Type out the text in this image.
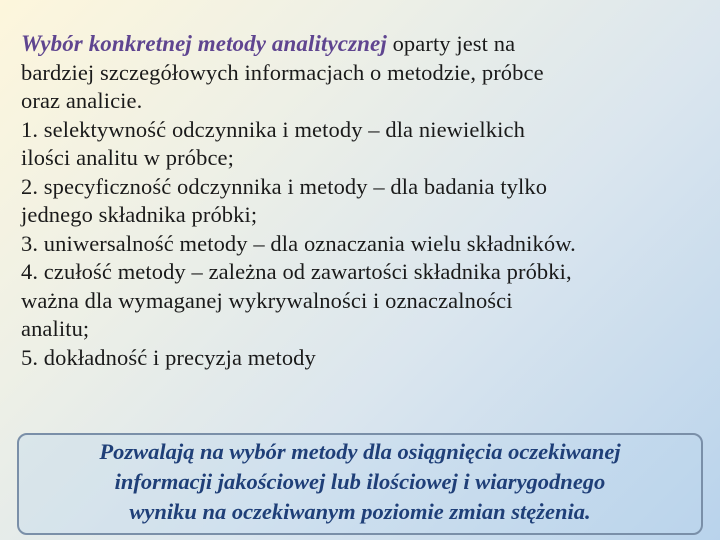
Wybór konkretnej metody analitycznej oparty jest na
bardziej szczegółowych informacjach o metodzie, próbce
oraz analicie.
1. selektywność odczynnika i metody – dla niewielkich
ilości analitu w próbce;
2. specyficzność odczynnika i metody – dla badania tylko
jednego składnika próbki;
3. uniwersalność metody – dla oznaczania wielu składników.
4. czułość metody – zależna od zawartości składnika próbki,
ważna dla wymaganej wykrywalności i oznaczalności
analitu;
5. dokładność i precyzja metody
Pozwalają na wybór metody dla osiągnięcia oczekiwanej
informacji jakościowej lub ilościowej i wiarygodnego
wyniku na oczekiwanym poziomie zmian stężenia.
